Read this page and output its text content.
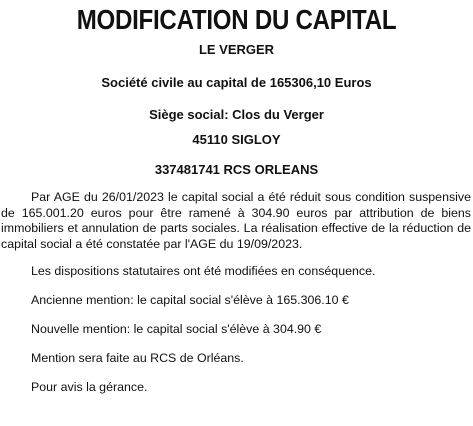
MODIFICATION DU CAPITAL

LE VERGER

Société civile au capital de 165306,10 Euros

Siège social: Clos du Verger

45110 SIGLOY

337481741 RCS ORLEANS

Par AGE du 26/01/2023 le capital social a été réduit sous condition suspensive de 165.001.20 euros pour être ramené à 304.90 euros par attribution de biens immobiliers et annulation de parts sociales. La réalisation effective de la réduction de capital social a été constatée par l'AGE du 19/09/2023.

Les dispositions statutaires ont été modifiées en conséquence.

Ancienne mention: le capital social s'élève à 165.306.10 €

Nouvelle mention: le capital social s'élève à 304.90 €

Mention sera faite au RCS de Orléans.

Pour avis la gérance.
